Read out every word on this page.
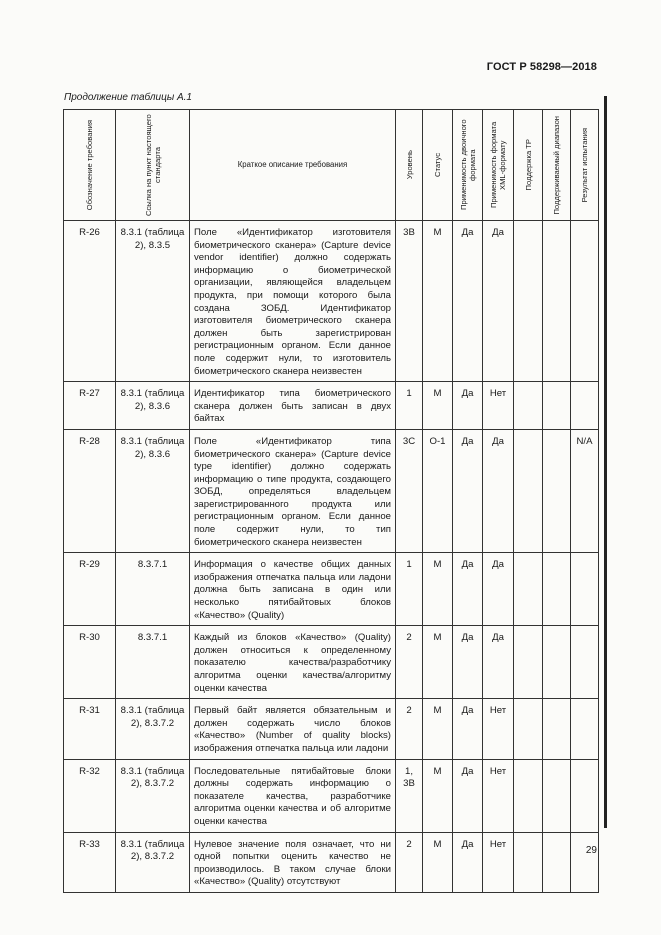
ГОСТ Р 58298—2018
Продолжение таблицы А.1
Обозначение требования	Ссылка на пункт настоящего стандарта	Краткое описание требования	Уровень	Статус	Применимость двоичного формата	Применимость формата XML-формату	Поддержка ТР	Поддерживаемый диапазон	Результат испытания

R-26	8.3.1 (таблица 2), 8.3.5	Поле «Идентификатор изготовителя биометрического сканера» (Capture device vendor identifier) должно содержать информацию о биометрической организации, являющейся владельцем продукта, при помощи которого была создана ЗОБД. Идентификатор изготовителя биометрического сканера должен быть зарегистрирован регистрационным органом. Если данное поле содержит нули, то изготовитель биометрического сканера неизвестен	3В	М	Да	Да			
R-27	8.3.1 (таблица 2), 8.3.6	Идентификатор типа биометрического сканера должен быть записан в двух байтах	1	М	Да	Нет			
R-28	8.3.1 (таблица 2), 8.3.6	Поле «Идентификатор типа биометрического сканера» (Capture device type identifier) должно содержать информацию о типе продукта, создающего ЗОБД, определяться владельцем зарегистрированного продукта или регистрационным органом. Если данное поле содержит нули, то тип биометрического сканера неизвестен	3С	О-1	Да	Да			N/A
R-29	8.3.7.1	Информация о качестве общих данных изображения отпечатка пальца или ладони должна быть записана в один или несколько пятибайтовых блоков «Качество» (Quality)	1	М	Да	Да			
R-30	8.3.7.1	Каждый из блоков «Качество» (Quality) должен относиться к определенному показателю качества/разработчику алгоритма оценки качества/алгоритму оценки качества	2	М	Да	Да			
R-31	8.3.1 (таблица 2), 8.3.7.2	Первый байт является обязательным и должен содержать число блоков «Качество» (Number of quality blocks) изображения отпечатка пальца или ладони	2	М	Да	Нет			
R-32	8.3.1 (таблица 2), 8.3.7.2	Последовательные пятибайтовые блоки должны содержать информацию о показателе качества, разработчике алгоритма оценки качества и об алгоритме оценки качества	1, 3В	М	Да	Нет			
R-33	8.3.1 (таблица 2), 8.3.7.2	Нулевое значение поля означает, что ни одной попытки оценить качество не производилось. В таком случае блоки «Качество» (Quality) отсутствуют	2	М	Да	Нет			
29
